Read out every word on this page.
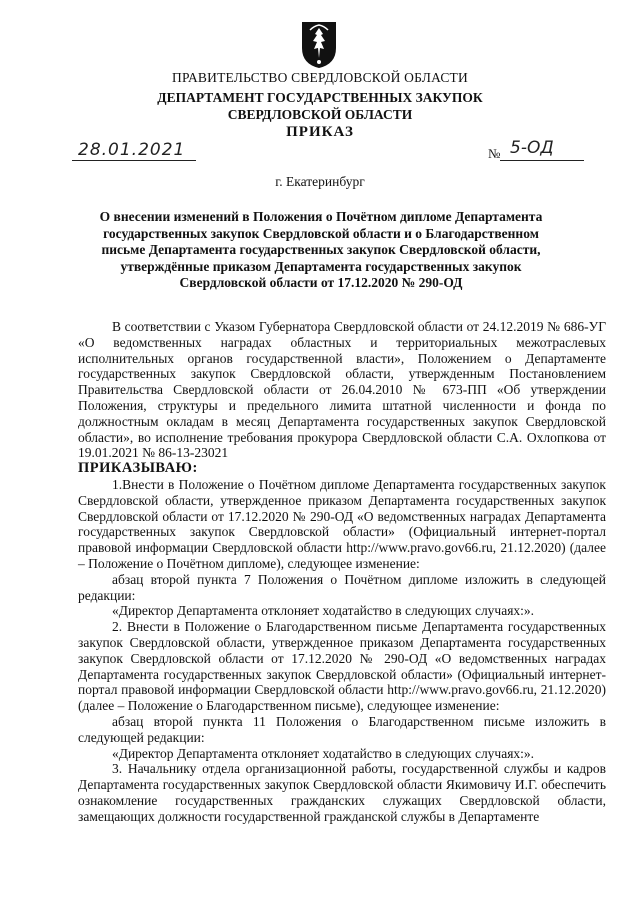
ПРАВИТЕЛЬСТВО СВЕРДЛОВСКОЙ ОБЛАСТИ
ДЕПАРТАМЕНТ ГОСУДАРСТВЕННЫХ ЗАКУПОК
СВЕРДЛОВСКОЙ ОБЛАСТИ
ПРИКАЗ
28.01.2021	№ 5-ОД
г. Екатеринбург
О внесении изменений в Положения о Почётном дипломе Департамента государственных закупок Свердловской области и о Благодарственном письме Департамента государственных закупок Свердловской области, утверждённые приказом Департамента государственных закупок Свердловской области от 17.12.2020 № 290-ОД

В соответствии с Указом Губернатора Свердловской области от 24.12.2019 № 686-УГ «О ведомственных наградах областных и территориальных межотраслевых исполнительных органов государственной власти», Положением о Департаменте государственных закупок Свердловской области, утвержденным Постановлением Правительства Свердловской области от 26.04.2010 № 673-ПП «Об утверждении Положения, структуры и предельного лимита штатной численности и фонда по должностным окладам в месяц Департамента государственных закупок Свердловской области», во исполнение требования прокурора Свердловской области С.А. Охлопкова от 19.01.2021 № 86-13-23021

ПРИКАЗЫВАЮ:

1.Внести в Положение о Почётном дипломе Департамента государственных закупок Свердловской области, утвержденное приказом Департамента государственных закупок Свердловской области от 17.12.2020 № 290-ОД «О ведомственных наградах Департамента государственных закупок Свердловской области» (Официальный интернет-портал правовой информации Свердловской области http://www.pravo.gov66.ru, 21.12.2020) (далее – Положение о Почётном дипломе), следующее изменение:

абзац второй пункта 7 Положения о Почётном дипломе изложить в следующей редакции:

«Директор Департамента отклоняет ходатайство в следующих случаях:».

2. Внести в Положение о Благодарственном письме Департамента государственных закупок Свердловской области, утвержденное приказом Департамента государственных закупок Свердловской области от 17.12.2020 № 290-ОД «О ведомственных наградах Департамента государственных закупок Свердловской области» (Официальный интернет-портал правовой информации Свердловской области http://www.pravo.gov66.ru, 21.12.2020) (далее – Положение о Благодарственном письме), следующее изменение:

абзац второй пункта 11 Положения о Благодарственном письме изложить в следующей редакции:

«Директор Департамента отклоняет ходатайство в следующих случаях:».

3. Начальнику отдела организационной работы, государственной службы и кадров Департамента государственных закупок Свердловской области Якимовичу И.Г. обеспечить ознакомление государственных гражданских служащих Свердловской области, замещающих должности государственной гражданской службы в Департаменте
